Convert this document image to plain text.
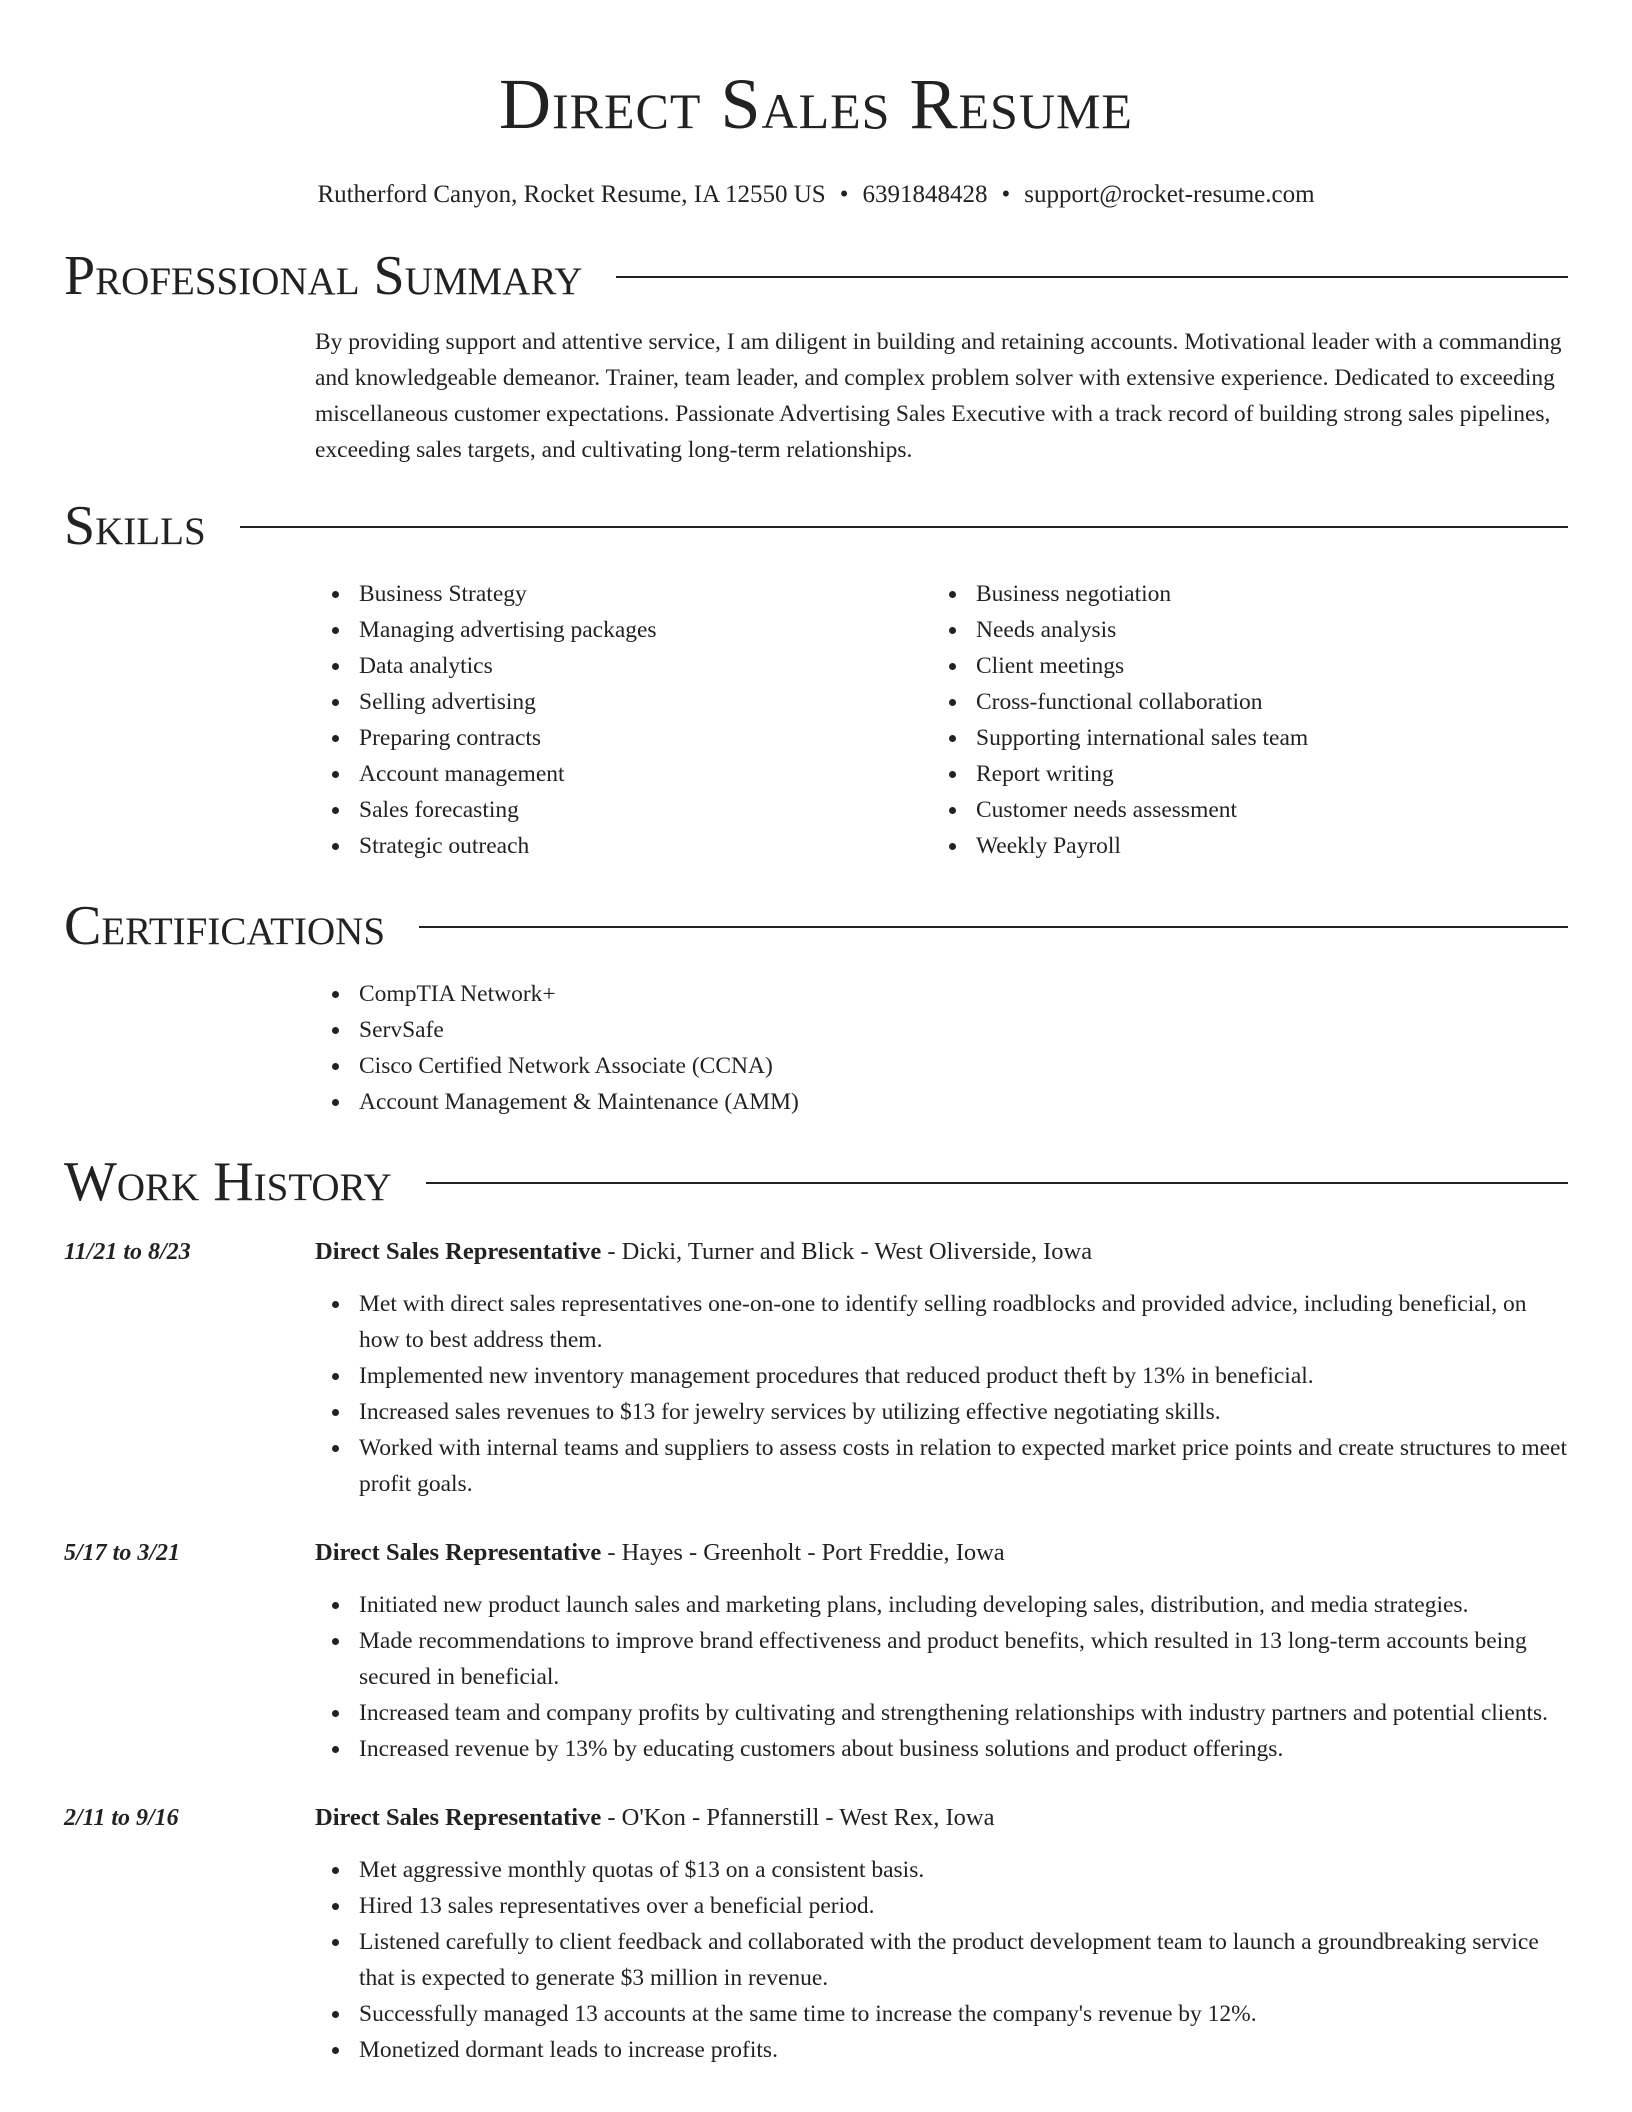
Direct Sales Resume
Rutherford Canyon, Rocket Resume, IA 12550 US • 6391848428 • support@rocket-resume.com
Professional Summary

By providing support and attentive service, I am diligent in building and retaining accounts. Motivational leader with a commanding and knowledgeable demeanor. Trainer, team leader, and complex problem solver with extensive experience. Dedicated to exceeding miscellaneous customer expectations. Passionate Advertising Sales Executive with a track record of building strong sales pipelines, exceeding sales targets, and cultivating long-term relationships.

Skills
Business Strategy
Managing advertising packages
Data analytics
Selling advertising
Preparing contracts
Account management
Sales forecasting
Strategic outreach
Business negotiation
Needs analysis
Client meetings
Cross-functional collaboration
Supporting international sales team
Report writing
Customer needs assessment
Weekly Payroll
Certifications
CompTIA Network+
ServSafe
Cisco Certified Network Associate (CCNA)
Account Management & Maintenance (AMM)
Work History
11/21 to 8/23	Direct Sales Representative - Dicki, Turner and Blick - West Oliverside, Iowa
Met with direct sales representatives one-on-one to identify selling roadblocks and provided advice, including beneficial, on how to best address them.
Implemented new inventory management procedures that reduced product theft by 13% in beneficial.
Increased sales revenues to $13 for jewelry services by utilizing effective negotiating skills.
Worked with internal teams and suppliers to assess costs in relation to expected market price points and create structures to meet profit goals.
5/17 to 3/21	Direct Sales Representative - Hayes - Greenholt - Port Freddie, Iowa
Initiated new product launch sales and marketing plans, including developing sales, distribution, and media strategies.
Made recommendations to improve brand effectiveness and product benefits, which resulted in 13 long-term accounts being secured in beneficial.
Increased team and company profits by cultivating and strengthening relationships with industry partners and potential clients.
Increased revenue by 13% by educating customers about business solutions and product offerings.
2/11 to 9/16	Direct Sales Representative - O'Kon - Pfannerstill - West Rex, Iowa
Met aggressive monthly quotas of $13 on a consistent basis.
Hired 13 sales representatives over a beneficial period.
Listened carefully to client feedback and collaborated with the product development team to launch a groundbreaking service that is expected to generate $3 million in revenue.
Successfully managed 13 accounts at the same time to increase the company's revenue by 12%.
Monetized dormant leads to increase profits.
